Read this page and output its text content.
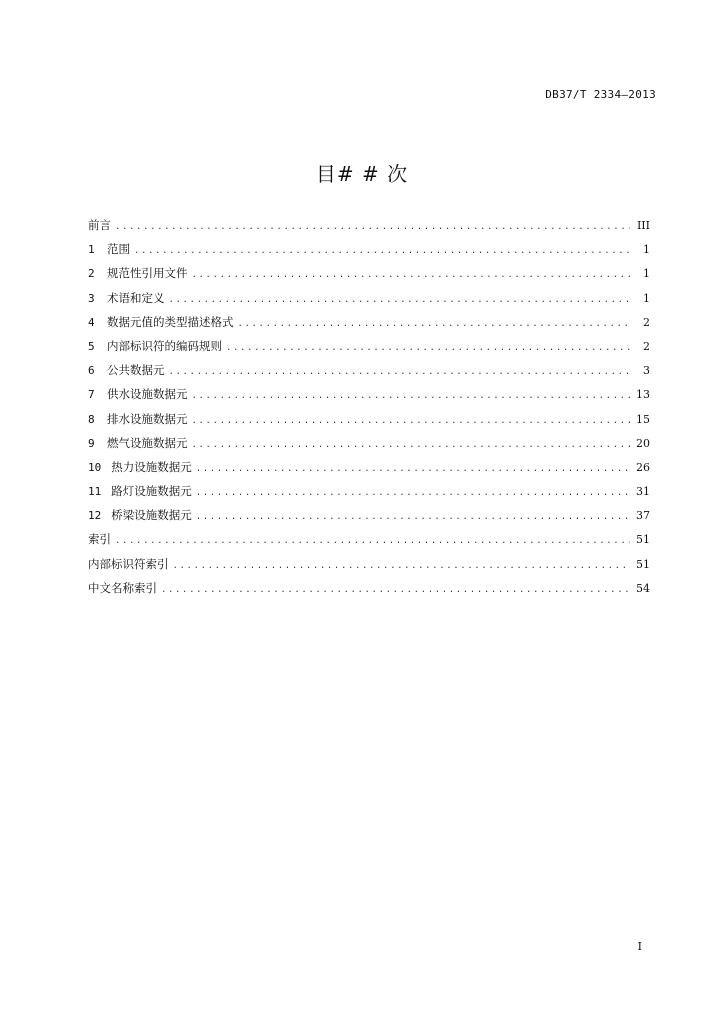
DB37/T 2334—2013
目# # 次
前言 .....	III
1 范围 .....	1
2 规范性引用文件 .....	1
3 术语和定义 .....	1
4 数据元值的类型描述格式 .....	2
5 内部标识符的编码规则 .....	2
6 公共数据元 .....	3
7 供水设施数据元 .....	13
8 排水设施数据元 .....	15
9 燃气设施数据元 .....	20
10 热力设施数据元 .....	26
11 路灯设施数据元 .....	31
12 桥梁设施数据元 .....	37
索引 .....	51
内部标识符索引 .....	51
中文名称索引 .....	54
I
